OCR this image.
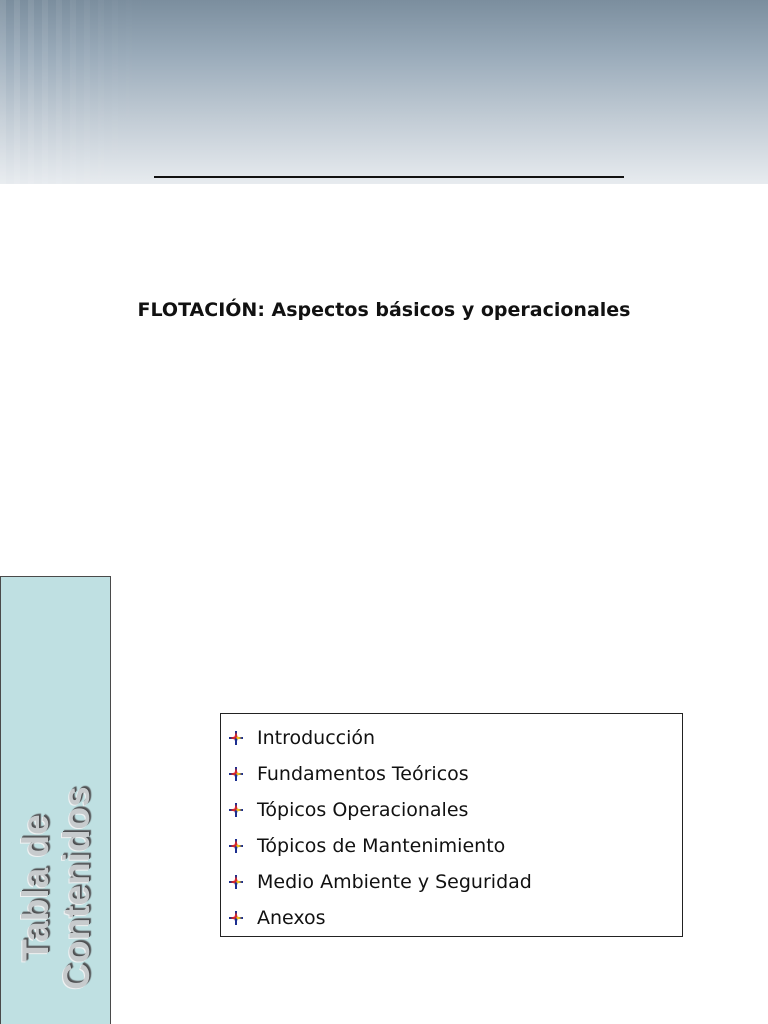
FLOTACIÓN: Aspectos básicos y operacionales
Tabla de
Contenidos
Introducción
Fundamentos Teóricos
Tópicos Operacionales
Tópicos de Mantenimiento
Medio Ambiente y Seguridad
Anexos
